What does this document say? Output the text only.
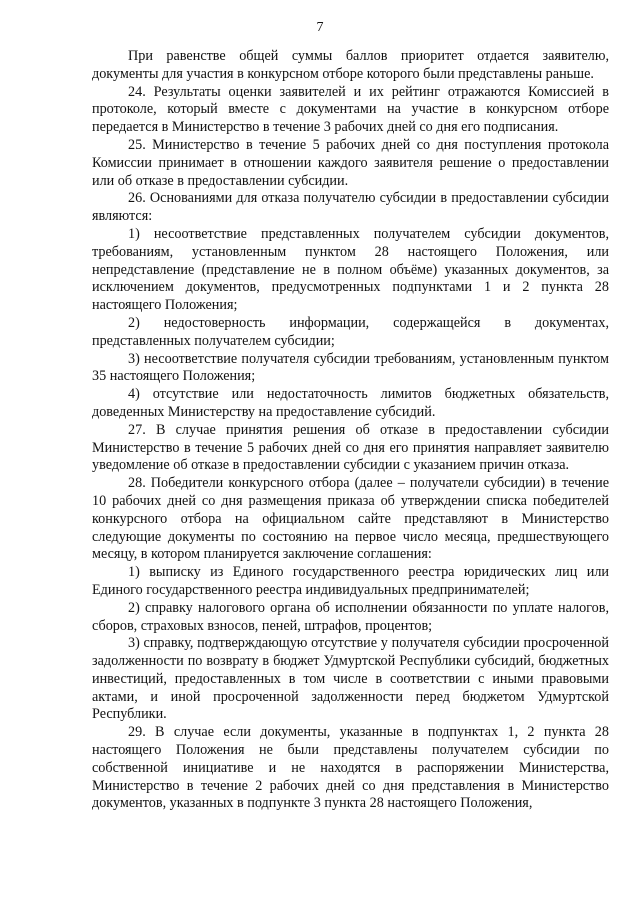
7

При равенстве общей суммы баллов приоритет отдается заявителю, документы для участия в конкурсном отборе которого были представлены раньше.

24. Результаты оценки заявителей и их рейтинг отражаются Комиссией в протоколе, который вместе с документами на участие в конкурсном отборе передается в Министерство в течение 3 рабочих дней со дня его подписания.

25. Министерство в течение 5 рабочих дней со дня поступления протокола Комиссии принимает в отношении каждого заявителя решение о предоставлении или об отказе в предоставлении субсидии.

26. Основаниями для отказа получателю субсидии в предоставлении субсидии являются:

1) несоответствие представленных получателем субсидии документов, требованиям, установленным пунктом 28 настоящего Положения, или непредставление (представление не в полном объёме) указанных документов, за исключением документов, предусмотренных подпунктами 1 и 2 пункта 28 настоящего Положения;

2) недостоверность информации, содержащейся в документах, представленных получателем субсидии;

3) несоответствие получателя субсидии требованиям, установленным пунктом 35 настоящего Положения;

4) отсутствие или недостаточность лимитов бюджетных обязательств, доведенных Министерству на предоставление субсидий.

27. В случае принятия решения об отказе в предоставлении субсидии Министерство в течение 5 рабочих дней со дня его принятия направляет заявителю уведомление об отказе в предоставлении субсидии с указанием причин отказа.

28. Победители конкурсного отбора (далее – получатели субсидии) в течение 10 рабочих дней со дня размещения приказа об утверждении списка победителей конкурсного отбора на официальном сайте представляют в Министерство следующие документы по состоянию на первое число месяца, предшествующего месяцу, в котором планируется заключение соглашения:

1) выписку из Единого государственного реестра юридических лиц или Единого государственного реестра индивидуальных предпринимателей;

2) справку налогового органа об исполнении обязанности по уплате налогов, сборов, страховых взносов, пеней, штрафов, процентов;

3) справку, подтверждающую отсутствие у получателя субсидии просроченной задолженности по возврату в бюджет Удмуртской Республики субсидий, бюджетных инвестиций, предоставленных в том числе в соответствии с иными правовыми актами, и иной просроченной задолженности перед бюджетом Удмуртской Республики.

29. В случае если документы, указанные в подпунктах 1, 2 пункта 28 настоящего Положения не были представлены получателем субсидии по собственной инициативе и не находятся в распоряжении Министерства, Министерство в течение 2 рабочих дней со дня представления в Министерство документов, указанных в подпункте 3 пункта 28 настоящего Положения,
